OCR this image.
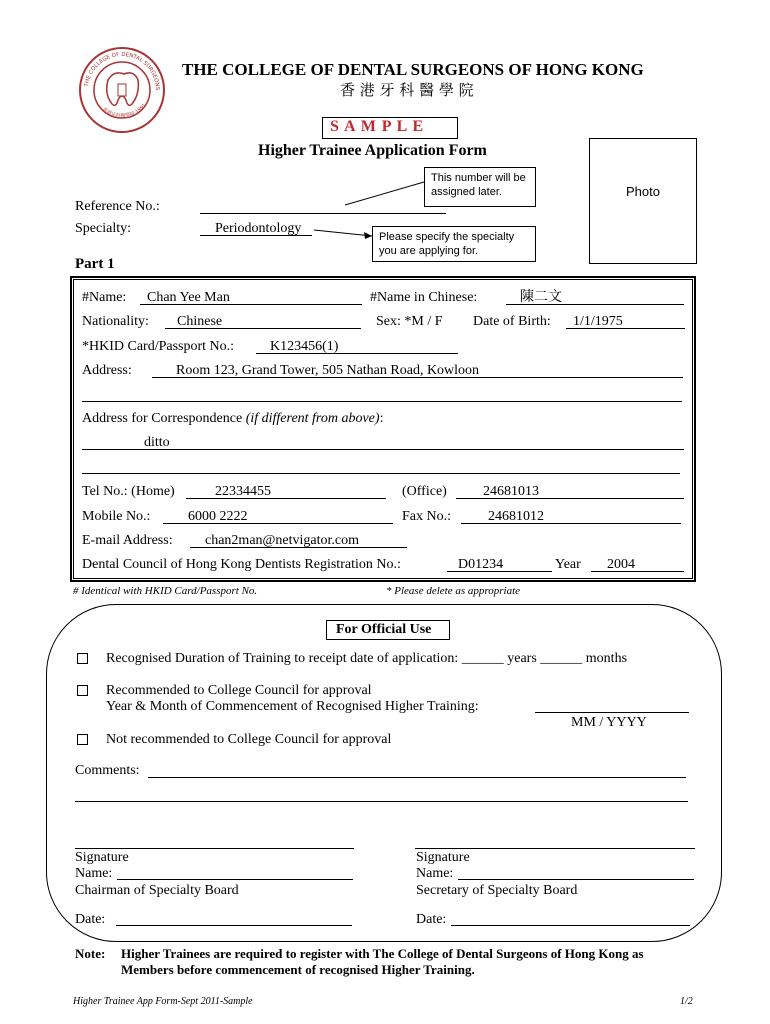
THE COLLEGE OF DENTAL SURGEONS
香港牙科醫學院 1991
THE COLLEGE OF DENTAL SURGEONS OF HONG KONG
香 港 牙 科 醫 學 院
S A M P L E
Higher Trainee Application Form
Photo
This number will be assigned later.
Please specify the specialty you are applying for.
Reference No.:
Specialty:	Periodontology
Part 1
#Name: Chan Yee Man	#Name in Chinese:	陳二文
Nationality: Chinese	Sex: *M / F Date of Birth: 1/1/1975
*HKID Card/Passport No.:	K123456(1)
Address:	Room 123, Grand Tower, 505 Nathan Road, Kowloon
Address for Correspondence (if different from above):
ditto
Tel No.: (Home)	22334455	(Office)	24681013
Mobile No.:	6000 2222	Fax No.:	24681012
E-mail Address: chan2man@netvigator.com
Dental Council of Hong Kong Dentists Registration No.:	D01234	Year 2004
# Identical with HKID Card/Passport No.	* Please delete as appropriate
For Official Use
Recognised Duration of Training to receipt date of application: ______ years ______ months
Recommended to College Council for approval
Year & Month of Commencement of Recognised Higher Training:
MM / YYYY
Not recommended to College Council for approval
Comments:
Signature
Name:
Chairman of Specialty Board
Date:
Signature
Name:
Secretary of Specialty Board
Date:
Note: Higher Trainees are required to register with The College of Dental Surgeons of Hong Kong as
Members before commencement of recognised Higher Training.
Higher Trainee App Form-Sept 2011-Sample	1/2
